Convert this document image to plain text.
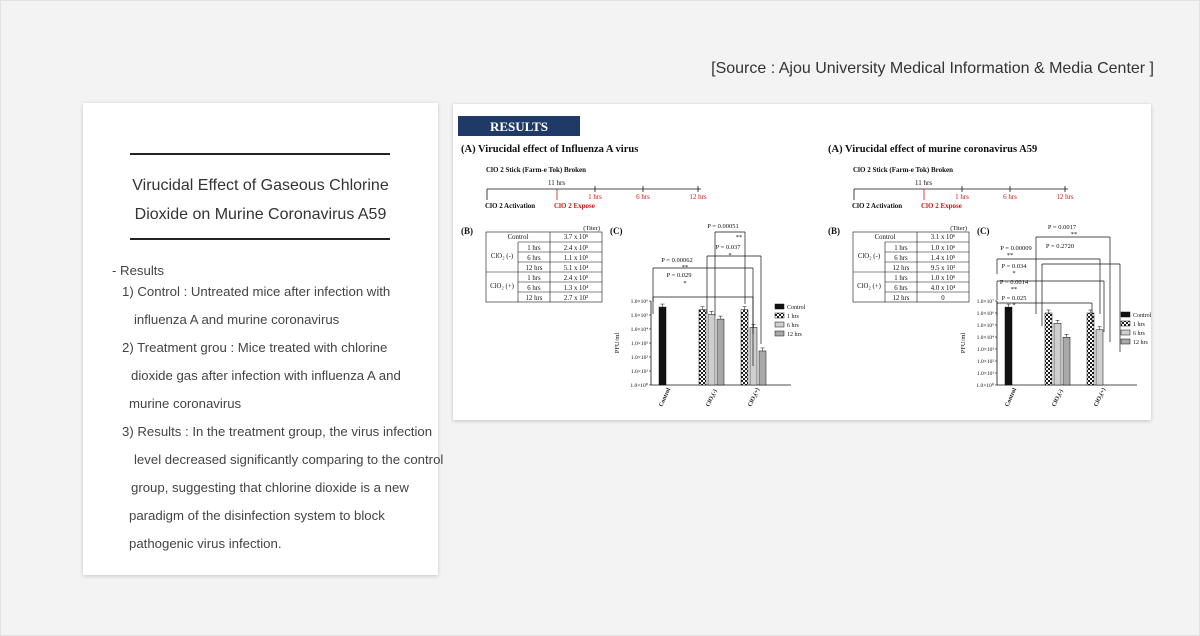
[Source : Ajou University Medical Information & Media Center ]
Virucidal Effect of Gaseous Chlorine
Dioxide on Murine Coronavirus A59
- Results
1) Control : Untreated mice after infection with
influenza A and murine coronavirus
2) Treatment grou : Mice treated with chlorine
dioxide gas after infection with influenza A and
murine coronavirus
3) Results : In the treatment group, the virus infection
level decreased significantly comparing to the control
group, suggesting that chlorine dioxide is a new
paradigm of the disinfection system to block
pathogenic virus infection.
RESULTS
(A) Virucidal effect of Influenza A virus
ClO 2 Stick (Farm-e Tok) Broken
11 hrs
1 hrs	6 hrs	12 hrs
ClO 2 Activation	ClO 2 Expose
(B)	(C)
(Titer)
Control	3.7 x 10⁵
ClO₂ (-)
ClO₂ (+)
1 hrs	2.4 x 10⁵
6 hrs	1.1 x 10⁵
12 hrs	5.1 x 10⁴
1 hrs	2.4 x 10⁵
6 hrs	1.3 x 10⁴
12 hrs	2.7 x 10²
1.0×10⁰
1.0×10¹
1.0×10²
1.0×10³
1.0×10⁴
1.0×10⁵
1.0×10⁶
PFU/ml
Control	ClO₂(-)	ClO₂(+)
Control
1 hrs
6 hrs
12 hrs
P = 0.00051
**
P = 0.037
*
P = 0.00062
**
P = 0.029
*
(A) Virucidal effect of murine coronavirus A59
ClO 2 Stick (Farm-e Tok) Broken
11 hrs
1 hrs	6 hrs	12 hrs
ClO 2 Activation	ClO 2 Expose
(B)	(C)
(Titer)
Control	3.1 x 10⁶
ClO₂ (-)
ClO₂ (+)
1 hrs	1.0 x 10⁶
6 hrs	1.4 x 10⁵
12 hrs	9.5 x 10³
1 hrs	1.0 x 10⁶
6 hrs	4.0 x 10⁴
12 hrs	0
1.0×10⁰
1.0×10¹
1.0×10²
1.0×10³
1.0×10⁴
1.0×10⁵
1.0×10⁶
1.0×10⁷
PFU/ml
Control	ClO₂(-)	ClO₂(+)
Control
1 hrs
6 hrs
12 hrs
P = 0.0017
**
P = 0.00009
**
P = 0.2720
P = 0.034
*
P = 0.0014
**
P = 0.025
*
